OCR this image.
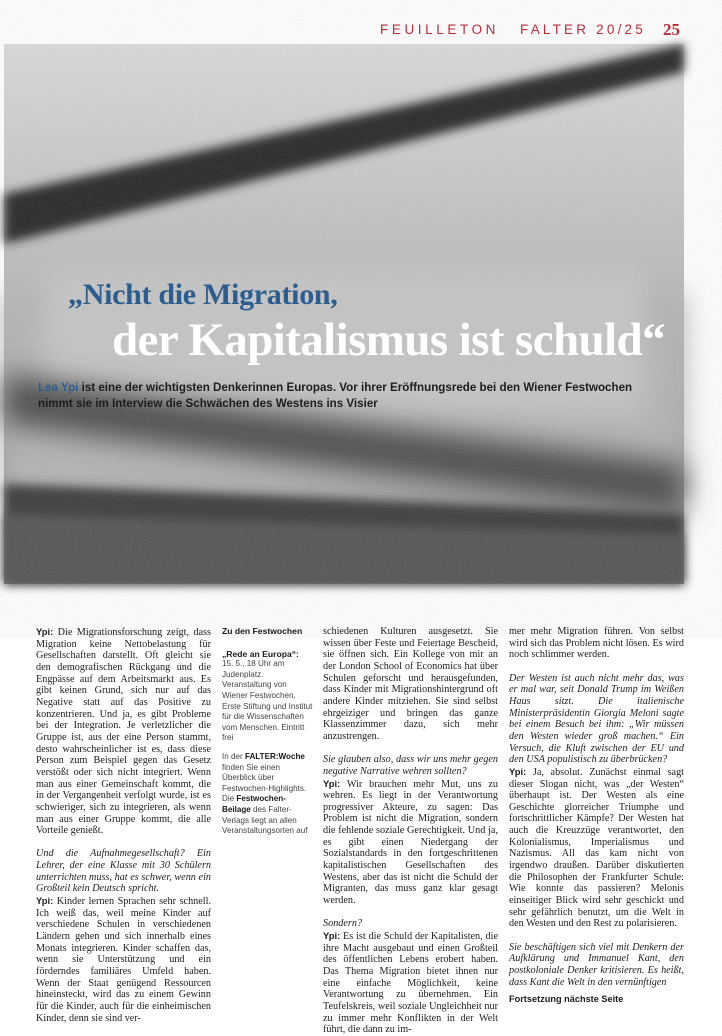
FEUILLETON FALTER 20/25 25
„Nicht die Migration,
der Kapitalismus ist schuld“
Lea Ypi ist eine der wichtigsten Denkerinnen Europas. Vor ihrer Eröffnungsrede bei den Wiener Festwochen nimmt sie im Interview die Schwächen des Westens ins Visier

Ypi: Die Migrationsforschung zeigt, dass Migration keine Nettobelastung für Gesellschaften darstellt. Oft gleicht sie den demografischen Rückgang und die Engpässe auf dem Arbeitsmarkt aus. Es gibt keinen Grund, sich nur auf das Negative statt auf das Positive zu konzentrieren. Und ja, es gibt Probleme bei der Integration. Je verletzlicher die Gruppe ist, aus der eine Person stammt, desto wahrscheinlicher ist es, dass diese Person zum Beispiel gegen das Gesetz verstößt oder sich nicht integriert. Wenn man aus einer Gemeinschaft kommt, die in der Vergangenheit verfolgt wurde, ist es schwieriger, sich zu integrieren, als wenn man aus einer Gruppe kommt, die alle Vorteile genießt.

Und die Aufnahmegesellschaft? Ein Lehrer, der eine Klasse mit 30 Schülern unterrichten muss, hat es schwer, wenn ein Großteil kein Deutsch spricht.

Ypi: Kinder lernen Sprachen sehr schnell. Ich weiß das, weil meine Kinder auf verschiedene Schulen in verschiedenen Ländern gehen und sich innerhalb eines Monats integrieren. Kinder schaffen das, wenn sie Unterstützung und ein förderndes familiäres Umfeld haben. Wenn der Staat genügend Ressourcen hineinsteckt, wird das zu einem Gewinn für die Kinder, auch für die einheimischen Kinder, denn sie sind ver-

Zu den Festwochen
„Rede an Europa“:
15. 5., 18 Uhr am Judenplatz. Veranstaltung von Wiener Festwochen, Erste Stiftung und Institut für die Wissenschaften vom Menschen. Eintritt frei
In der FALTER:Woche finden Sie einen Überblick über Festwochen-Highlights. Die Festwochen-Beilage des Falter-Verlags liegt an allen Veranstaltungsorten auf

schiedenen Kulturen ausgesetzt. Sie wissen über Feste und Feiertage Bescheid, sie öffnen sich. Ein Kollege von mir an der London School of Economics hat über Schulen geforscht und herausgefunden, dass Kinder mit Migrationshintergrund oft andere Kinder mitziehen. Sie sind selbst ehrgeiziger und bringen das ganze Klassenzimmer dazu, sich mehr anzustrengen.

Sie glauben also, dass wir uns mehr gegen negative Narrative wehren sollten?

Ypi: Wir brauchen mehr Mut, uns zu wehren. Es liegt in der Verantwortung progressiver Akteure, zu sagen: Das Problem ist nicht die Migration, sondern die fehlende soziale Gerechtigkeit. Und ja, es gibt einen Niedergang der Sozialstandards in den fortgeschrittenen kapitalistischen Gesellschaften des Westens, aber das ist nicht die Schuld der Migranten, das muss ganz klar gesagt werden.

Sondern?

Ypi: Es ist die Schuld der Kapitalisten, die ihre Macht ausgebaut und einen Großteil des öffentlichen Lebens erobert haben. Das Thema Migration bietet ihnen nur eine einfache Möglichkeit, keine Verantwortung zu übernehmen. Ein Teufelskreis, weil soziale Ungleichheit nur zu immer mehr Konflikten in der Welt führt, die dann zu im-

mer mehr Migration führen. Von selbst wird sich das Problem nicht lösen. Es wird noch schlimmer werden.

Der Westen ist auch nicht mehr das, was er mal war, seit Donald Trump im Weißen Haus sitzt. Die italienische Ministerpräsidentin Giorgia Meloni sagte bei einem Besuch bei ihm: „Wir müssen den Westen wieder groß machen.“ Ein Versuch, die Kluft zwischen der EU und den USA populistisch zu überbrücken?

Ypi: Ja, absolut. Zunächst einmal sagt dieser Slogan nicht, was „der Westen“ überhaupt ist. Der Westen als eine Geschichte glorreicher Triumphe und fortschrittlicher Kämpfe? Der Westen hat auch die Kreuzzüge verantwortet, den Kolonialismus, Imperialismus und Nazismus. All das kam nicht von irgendwo draußen. Darüber diskutierten die Philosophen der Frankfurter Schule: Wie konnte das passieren? Melonis einseitiger Blick wird sehr geschickt und sehr gefährlich benutzt, um die Welt in den Westen und den Rest zu polarisieren.

Sie beschäftigen sich viel mit Denkern der Aufklärung und Immanuel Kant, den postkoloniale Denker kritisieren. Es heißt, dass Kant die Welt in den vernünftigen

Fortsetzung nächste Seite
